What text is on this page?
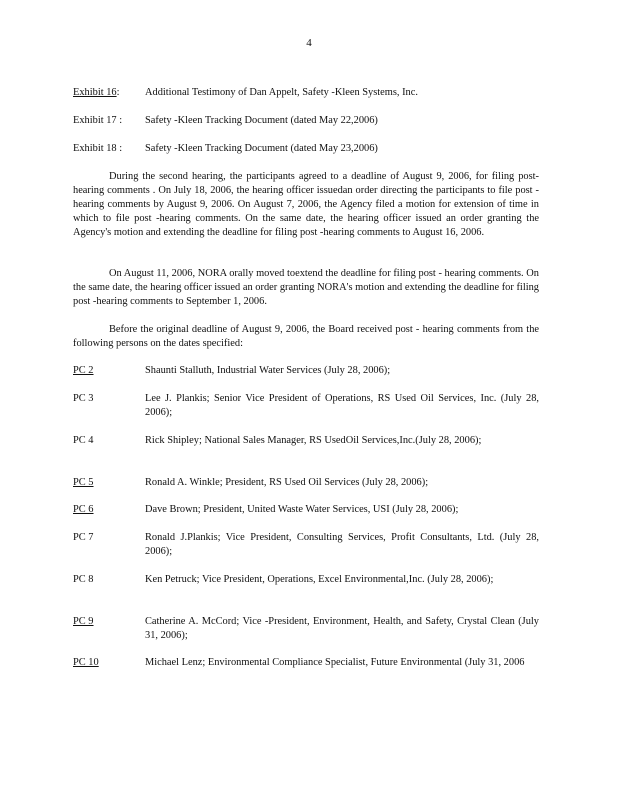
4
Exhibit 16: Additional Testimony of Dan Appelt, Safety -Kleen Systems, Inc.
Exhibit 17 : Safety -Kleen Tracking Document (dated May 22,2006)
Exhibit 18 : Safety -Kleen Tracking Document (dated May 23,2006)

During the second hearing, the participants agreed to a deadline of August 9, 2006, for filing post-hearing comments . On July 18, 2006, the hearing officer issuedan order directing the participants to file post -hearing comments by August 9, 2006. On August 7, 2006, the Agency filed a motion for extension of time in which to file post -hearing comments. On the same date, the hearing officer issued an order granting the Agency's motion and extending the deadline for filing post -hearing comments to August 16, 2006.

On August 11, 2006, NORA orally moved toextend the deadline for filing post - hearing comments. On the same date, the hearing officer issued an order granting NORA's motion and extending the deadline for filing post -hearing comments to September 1, 2006.

Before the original deadline of August 9, 2006, the Board received post - hearing comments from the following persons on the dates specified:

PC 2	Shaunti Stalluth, Industrial Water Services (July 28, 2006);
PC 3	Lee J. Plankis; Senior Vice President of Operations, RS Used Oil Services, Inc. (July 28, 2006);
PC 4	Rick Shipley; National Sales Manager, RS UsedOil Services,Inc.(July 28, 2006);
PC 5	Ronald A. Winkle; President, RS Used Oil Services (July 28, 2006);
PC 6	Dave Brown; President, United Waste Water Services, USI (July 28, 2006);
PC 7	Ronald J.Plankis; Vice President, Consulting Services, Profit Consultants, Ltd. (July 28, 2006);
PC 8	Ken Petruck; Vice President, Operations, Excel Environmental,Inc. (July 28, 2006);
PC 9	Catherine A. McCord; Vice -President, Environment, Health, and Safety, Crystal Clean (July 31, 2006);
PC 10	Michael Lenz; Environmental Compliance Specialist, Future Environmental (July 31, 2006
